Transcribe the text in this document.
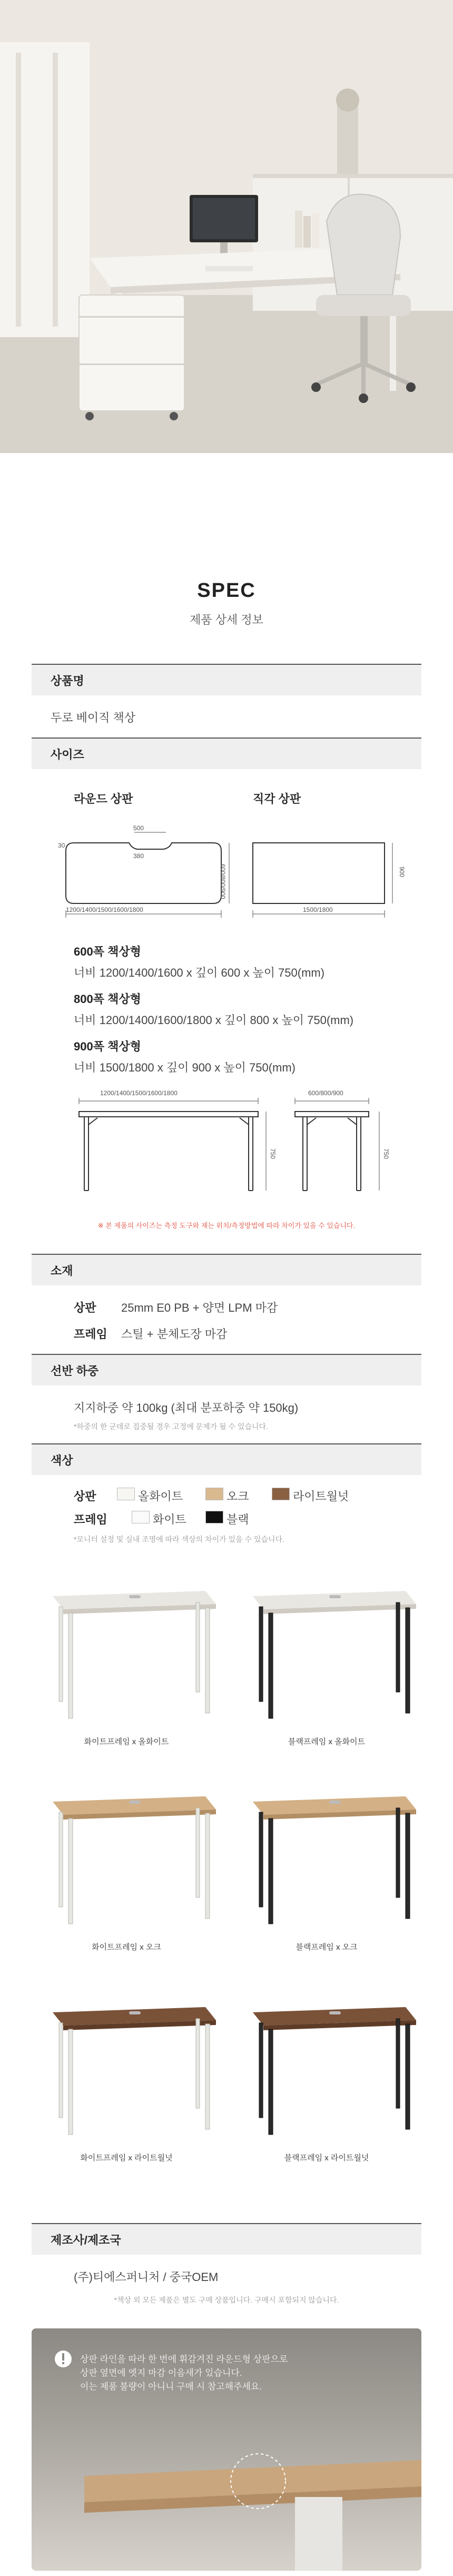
SPEC
제품 상세 정보
상품명
두로 베이직 책상
사이즈
라운드 상판	직각 상판
500
30
380
600/800/900
1200/1400/1500/1600/1800
900
1500/1800
600폭 책상형
너비 1200/1400/1600 x 깊이 600 x 높이 750(mm)
800폭 책상형
너비 1200/1400/1600/1800 x 깊이 800 x 높이 750(mm)
900폭 책상형
너비 1500/1800 x 깊이 900 x 높이 750(mm)
1200/1400/1500/1600/1800	600/800/900
750	750
※ 본 제품의 사이즈는 측정 도구와 재는 위치/측정방법에 따라 차이가 있을 수 있습니다.
소재
상판 25mm E0 PB + 양면 LPM 마감
프레임 스틸 + 분체도장 마감
선반 하중
지지하중 약 100kg (최대 분포하중 약 150kg)
*하중의 한 군데로 집중될 경우 고정에 문제가 될 수 있습니다.
색상
상판	올화이트	오크	라이트월넛
프레임	화이트	블랙
*모니터 설정 및 실내 조명에 따라 색상의 차이가 있을 수 있습니다.
화이트프레임 x 올화이트	블랙프레임 x 올화이트
화이트프레임 x 오크	블랙프레임 x 오크
화이트프레임 x 라이트월넛	블랙프레임 x 라이트월넛
제조사/제조국
(주)티에스퍼니처 / 중국OEM
*책상 외 모든 제품은 별도 구매 상품입니다. 구매시 포함되지 않습니다.
상판 라인을 따라 한 번에 휘감겨진 라운드형 상판으로
상판 옆면에 엣지 마감 이음새가 있습니다.
이는 제품 불량이 아니니 구매 시 참고해주세요.
